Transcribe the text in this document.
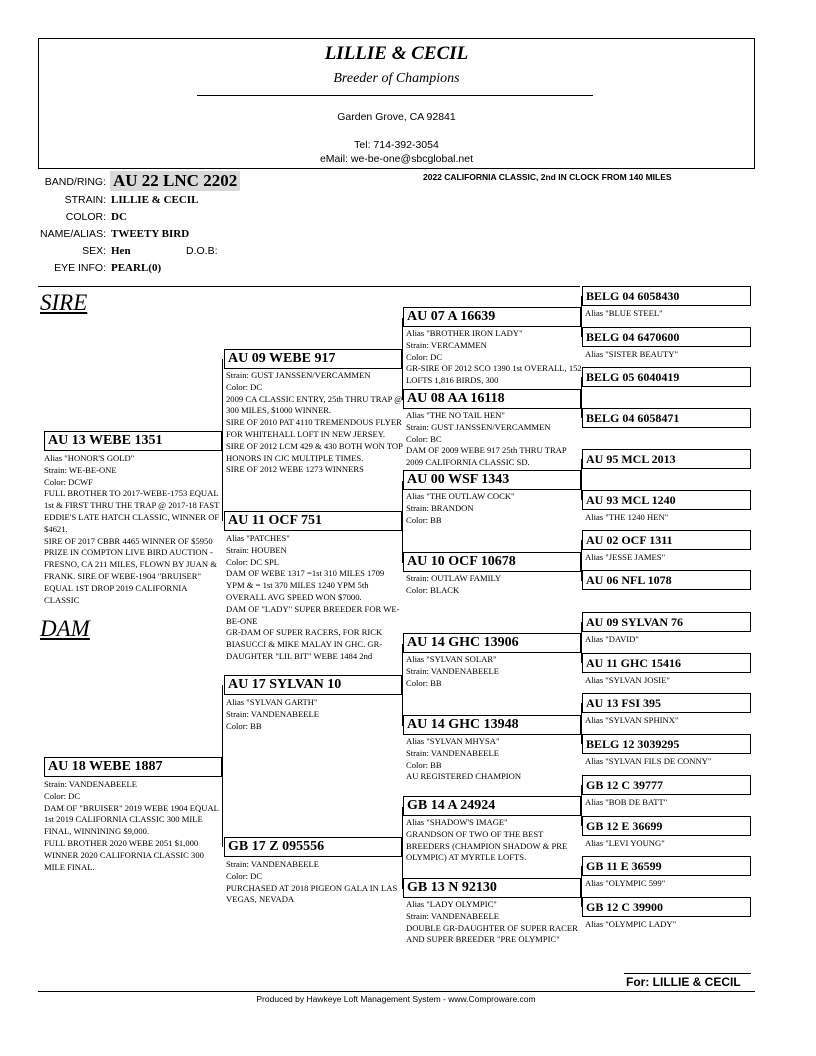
LILLIE & CECIL
Breeder of Champions
Garden Grove, CA 92841
Tel: 714-392-3054
eMail: we-be-one@sbcglobal.net
BAND/RING: AU 22 LNC 2202	2022 CALIFORNIA CLASSIC, 2nd IN CLOCK FROM 140 MILES
STRAIN: LILLIE & CECIL
COLOR: DC
NAME/ALIAS: TWEETY BIRD
SEX: Hen	D.O.B:
EYE INFO: PEARL(0)
SIRE
DAM
AU 13 WEBE 1351
Alias "HONOR'S GOLD"
Strain: WE-BE-ONE
Color: DCWF
FULL BROTHER TO 2017-WEBE-1753 EQUAL 1st & FIRST THRU THE TRAP @ 2017-18 FAST EDDIE'S LATE HATCH CLASSIC, WINNER OF $4621.
SIRE OF 2017 CBBR 4465 WINNER OF $5950 PRIZE IN COMPTON LIVE BIRD AUCTION - FRESNO, CA 211 MILES, FLOWN BY JUAN & FRANK. SIRE OF WEBE-1904 "BRUISER" EQUAL 1ST DROP 2019 CALIFORNIA CLASSIC
AU 18 WEBE 1887
Strain: VANDENABEELE
Color: DC
DAM OF "BRUISER" 2019 WEBE 1904 EQUAL 1st 2019 CALIFORNIA CLASSIC 300 MILE FINAL, WINNINING $9,000.
FULL BROTHER 2020 WEBE 2051 $1,000 WINNER 2020 CALIFORNIA CLASSIC 300 MILE FINAL.
AU 09 WEBE 917
Strain: GUST JANSSEN/VERCAMMEN
Color: DC
2009 CA CLASSIC ENTRY, 25th THRU TRAP @ 300 MILES, $1000 WINNER.
SIRE OF 2010 PAT 4110 TREMENDOUS FLYER FOR WHITEHALL LOFT IN NEW JERSEY. SIRE OF 2012 LCM 429 & 430 BOTH WON TOP HONORS IN CJC MULTIPLE TIMES.
SIRE OF 2012 WEBE 1273 WINNERS
AU 11 OCF 751
Alias "PATCHES"
Strain: HOUBEN
Color: DC SPL
DAM OF WEBE 1317 =1st 310 MILES 1709 YPM & = 1st 370 MILES 1240 YPM 5th OVERALL AVG SPEED WON $7000.
DAM OF "LADY" SUPER BREEDER FOR WE-BE-ONE
GR-DAM OF SUPER RACERS, FOR RICK BIASUCCI & MIKE MALAY IN GHC. GR-DAUGHTER "LIL BIT" WEBE 1484 2nd
AU 17 SYLVAN 10
Alias "SYLVAN GARTH"
Strain: VANDENABEELE
Color: BB
GB 17 Z 095556
Strain: VANDENABEELE
Color: DC
PURCHASED AT 2018 PIGEON GALA IN LAS VEGAS, NEVADA
AU 07 A 16639
Alias "BROTHER IRON LADY"
Strain: VERCAMMEN
Color: DC
GR-SIRE OF 2012 SCO 1390 1st OVERALL, 152 LOFTS 1,816 BIRDS, 300
AU 08 AA 16118
Alias "THE NO TAIL HEN"
Strain: GUST JANSSEN/VERCAMMEN
Color: BC
DAM OF 2009 WEBE 917 25th THRU TRAP 2009 CALIFORNIA CLASSIC SD.
AU 00 WSF 1343
Alias "THE OUTLAW COCK"
Strain: BRANDON
Color: BB
AU 10 OCF 10678
Strain: OUTLAW FAMILY
Color: BLACK
AU 14 GHC 13906
Alias "SYLVAN SOLAR"
Strain: VANDENABEELE
Color: BB
AU 14 GHC 13948
Alias "SYLVAN MHYSA"
Strain: VANDENABEELE
Color: BB
AU REGISTERED CHAMPION
GB 14 A 24924
Alias "SHADOW'S IMAGE"
GRANDSON OF TWO OF THE BEST BREEDERS (CHAMPION SHADOW & PRE OLYMPIC) AT MYRTLE LOFTS.
GB 13 N 92130
Alias "LADY OLYMPIC"
Strain: VANDENABEELE
DOUBLE GR-DAUGHTER OF SUPER RACER AND SUPER BREEDER "PRE OLYMPIC"
BELG 04 6058430
Alias "BLUE STEEL"
BELG 04 6470600
Alias "SISTER BEAUTY"
BELG 05 6040419
BELG 04 6058471
AU 95 MCL 2013
AU 93 MCL 1240
Alias "THE 1240 HEN"
AU 02 OCF 1311
Alias "JESSE JAMES"
AU 06 NFL 1078
AU 09 SYLVAN 76
Alias "DAVID"
AU 11 GHC 15416
Alias "SYLVAN JOSIE"
AU 13 FSI 395
Alias "SYLVAN SPHINX"
BELG 12 3039295
Alias "SYLVAN FILS DE CONNY"
GB 12 C 39777
Alias "BOB DE BATT"
GB 12 E 36699
Alias "LEVI YOUNG"
GB 11 E 36599
Alias "OLYMPIC 599"
GB 12 C 39900
Alias "OLYMPIC LADY"
For: LILLIE & CECIL
Produced by Hawkeye Loft Management System - www.Comproware.com
